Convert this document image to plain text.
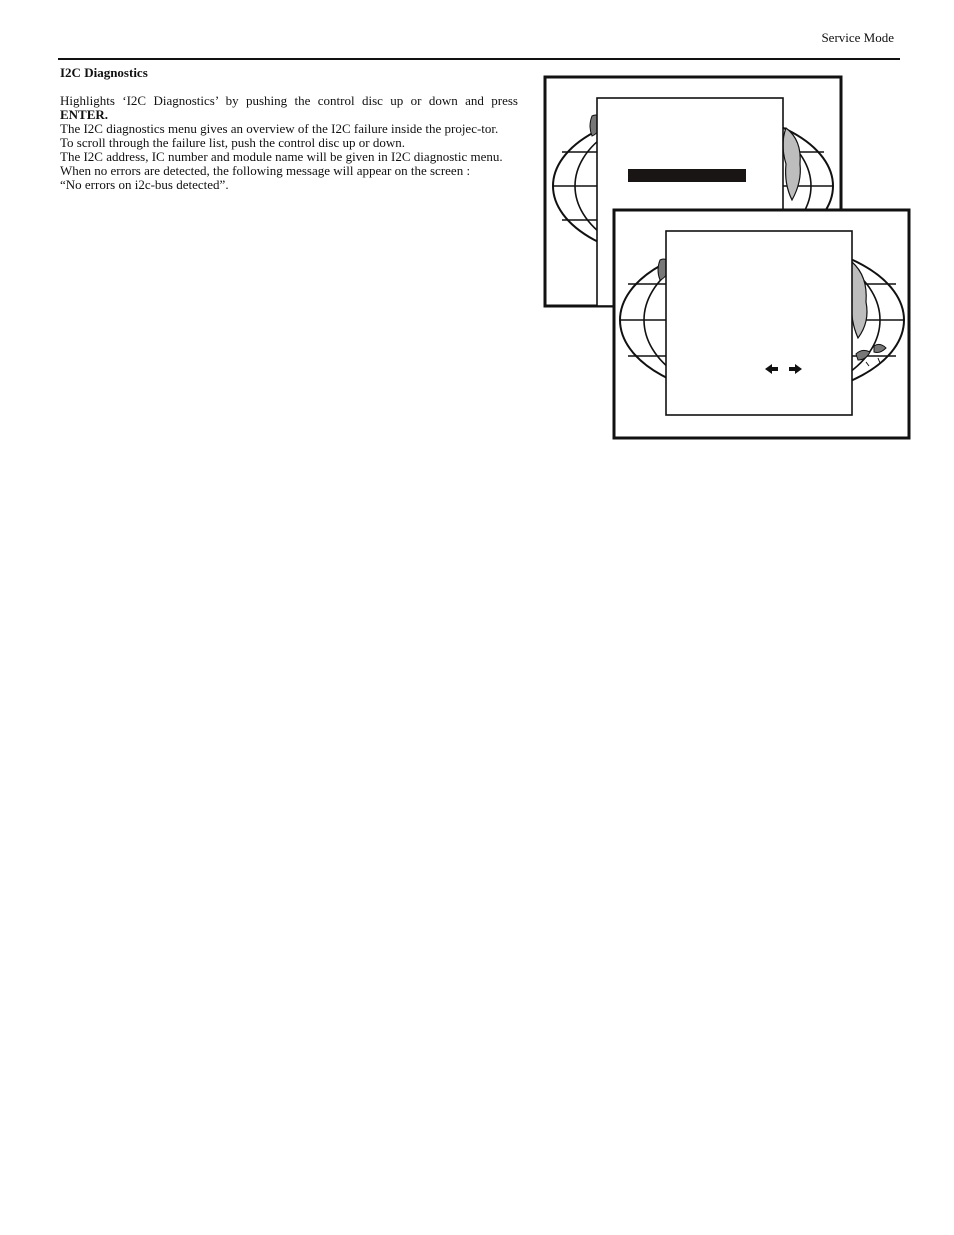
Service Mode

I2C Diagnostics

Highlights ‘I2C Diagnostics’ by pushing the control disc up or down and press ENTER.

The I2C diagnostics menu gives an overview of the I2C failure inside the projec-tor.

To scroll through the failure list, push the control disc up or down.

The I2C address, IC number and module name will be given in I2C diagnostic menu.

When no errors are detected, the following message will appear on the screen :

“No errors on i2c-bus detected”.
